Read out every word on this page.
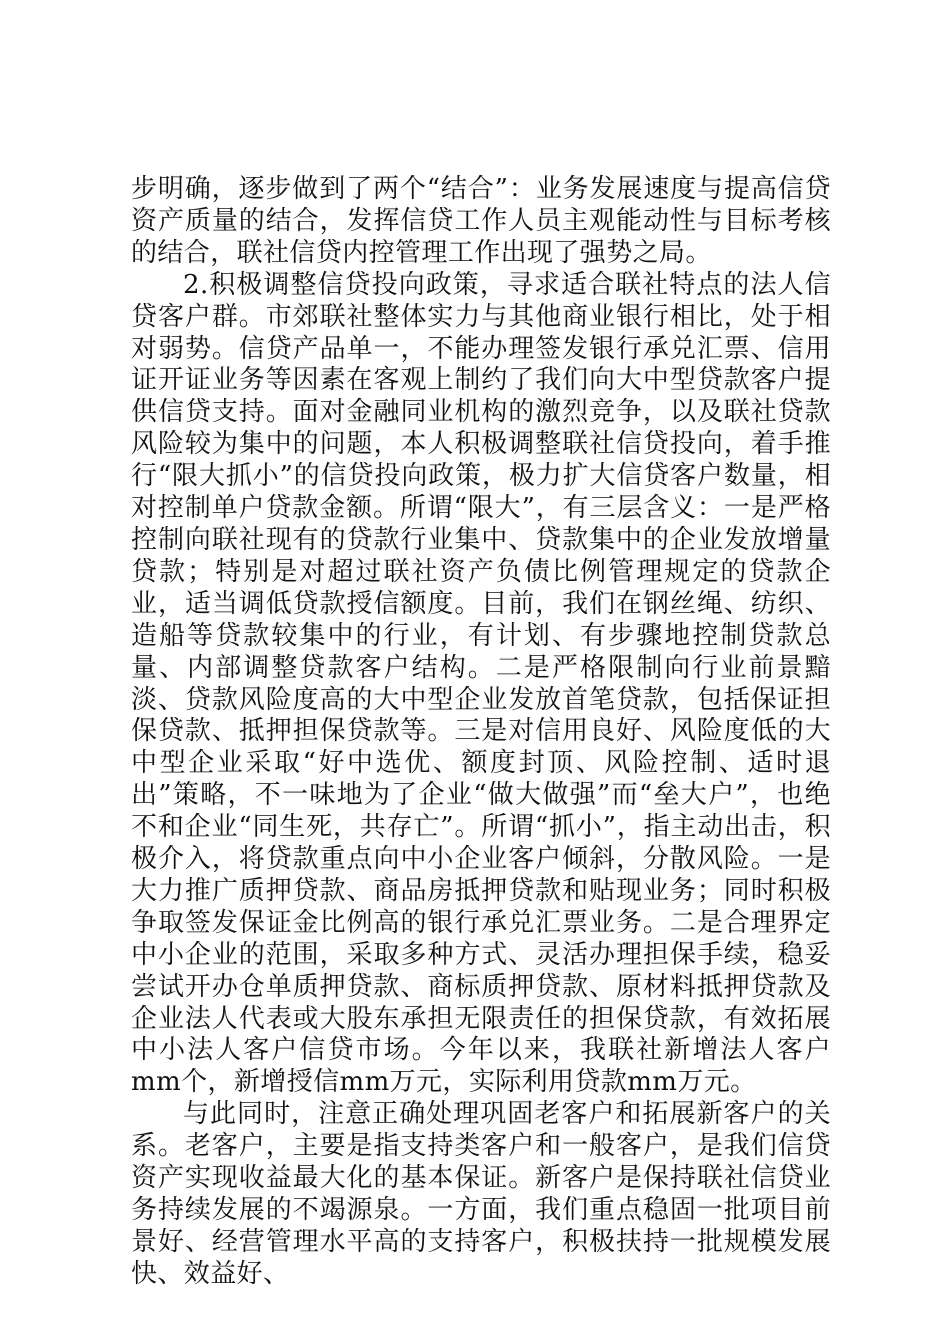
步明确，逐步做到了两个“结合”：业务发展速度与提高信贷资产质量的结合，发挥信贷工作人员主观能动性与目标考核的结合，联社信贷内控管理工作出现了强势之局。

2.积极调整信贷投向政策，寻求适合联社特点的法人信贷客户群。市郊联社整体实力与其他商业银行相比，处于相对弱势。信贷产品单一，不能办理签发银行承兑汇票、信用证开证业务等因素在客观上制约了我们向大中型贷款客户提供信贷支持。面对金融同业机构的激烈竞争，以及联社贷款风险较为集中的问题，本人积极调整联社信贷投向，着手推行“限大抓小”的信贷投向政策，极力扩大信贷客户数量，相对控制单户贷款金额。所谓“限大”，有三层含义：一是严格控制向联社现有的贷款行业集中、贷款集中的企业发放增量贷款；特别是对超过联社资产负债比例管理规定的贷款企业，适当调低贷款授信额度。目前，我们在钢丝绳、纺织、造船等贷款较集中的行业，有计划、有步骤地控制贷款总量、内部调整贷款客户结构。二是严格限制向行业前景黯淡、贷款风险度高的大中型企业发放首笔贷款，包括保证担保贷款、抵押担保贷款等。三是对信用良好、风险度低的大中型企业采取“好中选优、额度封顶、风险控制、适时退出”策略，不一味地为了企业“做大做强”而“垒大户”，也绝不和企业“同生死，共存亡”。所谓“抓小”，指主动出击，积极介入，将贷款重点向中小企业客户倾斜，分散风险。一是大力推广质押贷款、商品房抵押贷款和贴现业务；同时积极争取签发保证金比例高的银行承兑汇票业务。二是合理界定中小企业的范围，采取多种方式、灵活办理担保手续，稳妥尝试开办仓单质押贷款、商标质押贷款、原材料抵押贷款及企业法人代表或大股东承担无限责任的担保贷款，有效拓展中小法人客户信贷市场。今年以来，我联社新增法人客户mm个，新增授信mm万元，实际利用贷款mm万元。

与此同时，注意正确处理巩固老客户和拓展新客户的关系。老客户，主要是指支持类客户和一般客户，是我们信贷资产实现收益最大化的基本保证。新客户是保持联社信贷业务持续发展的不竭源泉。一方面，我们重点稳固一批项目前景好、经营管理水平高的支持客户，积极扶持一批规模发展快、效益好、
